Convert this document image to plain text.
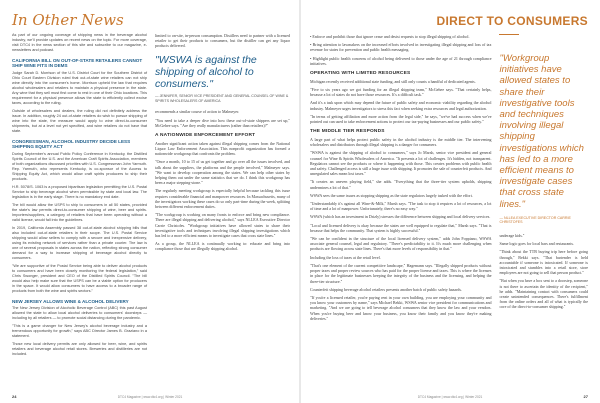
In Other News
As part of our ongoing coverage of shipping news in the beverage alcohol industry, we'll provide updates on recent news on the topic. For more coverage, visit DTC4 in the news section of this site and subscribe to our magazine, e-newsletters and podcast.
CALIFORNIA BILL ON OUT-OF-STATE RETAILERS CANNOT SHIP WINE FITS IN DEMS
Judge Sarah D. Morrison of the U.S. District Court for the Southern District of Ohio Court Eastern Division ruled that out-of-state wine retailers can not ship wine directly into the consumer's home. Morrison upheld the law that requires alcohol wholesalers and retailers to maintain a physical presence in the state. Any wine that they sell must first come to rest in one of their Ohio locations. This requirement for a physical presence allows the state to efficiently collect excise taxes, according to the ruling.
Outside of wholesalers and dealers, the ruling did not definitely address the issue. In addition, roughly 24 out-of-state retailers do wish to pursue shipping of wine into the state, the measure would apply to wine direct-to-consumer shipments, but at a level not yet specified, and wine retailers do not have that state.
CONGRESSMAN, ALCOHOL INDUSTRY DECIDE LESS SHIPPING EQUITY ACT
During September's annual Public Policy Conference in Kentucky, the Distilled Spirits Council of the U.S. and the American Craft Spirits Association, members of both organizations discussed priorities with U.S. Congressman John Yarmuth. Rep. Yarmuth, who represents Kentucky, is co-sponsor of the Access to Shipping Equity Act, which would allow craft spirits producers to ship their products.
H.R. 5078/S. 1063 is a proposed bipartisan legislation permitting the U.S. Postal Service to ship beverage alcohol when permissible by state and local law. The legislation is in the early stage. There is no mandatory end date.
The bill would allow the USPS to ship to consumers in all 50 states, provided the state's law permits direct-to-consumer shipping of wine, beer and spirits. Importers/suppliers, a category of retailers that have been operating without a valid license, would fall into the guidelines.
In 2019, California Assembly passed 38 out-of-state alcohol shipping bills that also included out-of-state retailers in their scope. The U.S. Postal Service shipping would allow sellers to comply with a secure and inexpensive delivery, using its existing network of services rather than a private courier. The law is one of several proposals in states across the nation, reflecting strong consumer demand for a way to increase shipping of beverage alcohol directly to consumers.
"We are supportive of the Postal Service being able to deliver alcohol products to consumers and have been closely monitoring the federal legislation," said Chris Swonger, president and CEO of the Distilled Spirits Council. "The bill would also help make sure that the USPS can be a viable option for producers in the space. It would allow consumers to have access to a broader range of products from both the wine and spirits sectors."
NEW JERSEY ALLOWS WINE & ALCOHOL DELIVERY
The New Jersey Division of Alcoholic Beverage Control (ABC) this past August allowed the state to allow local alcohol deliveries to consumers' doorsteps — including by all retailers — to promote social distancing during the pandemic.
"This is a game changer for New Jersey's alcohol beverage industry and a tremendous opportunity for growth," says ABC Director James B. Graziano in a statement.
Those new local delivery permits are only allowed for beer, wine, and spirits retailers and beverage alcohol retail stores. Breweries and distilleries are not included.
limited to on-site, in-person consumption. Distillers need to partner with a licensed retailer to get their products to consumers, but the distiller can get any liquor products delivered.
"WSWA is against the shipping of alcohol to consumers."
— JENNIFER, SENIOR VICE PRESIDENT AND GENERAL COUNSEL OF WINE & SPIRITS WHOLESALERS OF AMERICA
recommends a similar course of action to Malmeyer.
"You need to take a deeper dive into how these out-of-state shippers are set up," McGehee says. "Are they really manufacturers (rather than retailers)?"
A NATIONWIDE ENFORCEMENT EFFORT
Another significant action taken against illegal shipping comes from the National Liquor Law Enforcement Association. This nonprofit organization has formed a nationwide workgroup that confronts the problem.
"Once a month, 10 to 15 of us get together and go over all the issues involved, and talk about the suppliers, the platforms and the people involved," Malmeyer says. "We want to develop cooperation among the states. We can help other states by helping them out under the same statistics that we do. I think this workgroup has been a major stepping-stone."
The regularly meeting workgroup is especially helpful because tackling this issue requires considerable financial and manpower resources. In Massachusetts, many of the investigators working these cases do so only part-time during the week, splitting between different enforcement duties.
"The workgroup is working on many fronts to enforce and bring new compliance. There are illegal shipping and delivering alcohol," says NLLEA Executive Director Carrie Christofes. "Workgroup initiatives have allowed states to share their investigative tools and techniques involving illegal shipping investigations which has led to a more efficient means to investigate cases that cross state lines."
As a group, the NLLEA is continually working to: educate and bring into compliance those that are illegally shipping alcohol.
24	DTC4 Magazine | www.dtc4.org | Winter 2021
DIRECT TO CONSUMERS
• Enforce and prohibit those that ignore cease and desist requests to stop illegal shipping of alcohol.
• Bring attention to lawmakers on the increased efforts involved in investigating illegal shipping and loss of tax revenue for states for prevention and public health messaging.
• Highlight public health concerns of alcohol being delivered to those under the age of 21 through compliance initiatives.
OPERATING WITH LIMITED RESOURCES
Michigan recently received additional state funding, and still only counts a handful of dedicated agents.
"Five to six years ago we got funding for an illegal shipping team," McGehee says. "That certainly helps, because a lot of states do not have those resources. It's a difficult task."
And it's a task upon which may depend the future of public safety and economic viability regarding the alcohol industry. Malmeyer urges investigators to stress this fact when seeking extra resources and legal authorization.
"In terms of getting affiliation and more action from the legal side," he says, "we've had success when we've pointed out can used to take enforcement actions to protect our tax-paying businesses and our public safety."
THE MIDDLE TIER RESPONDS
A large part of what helps protect public safety in the alcohol industry is the middle tier. The intervening wholesalers and distributors through illegal shipping is a danger for consumers.
"WSWA is against the shipping of alcohol to consumers," says Jo Marsh, senior vice president and general counsel for Wine & Spirits Wholesalers of America. "It presents a lot of challenges. It's hidden, not transparent. Regulators cannot see the products or where it happening with those. This creates problems with public health and safety. Challenged access is still a huge issue with shipping. It promotes the sale of counterfeit products. And unregulated sales mean lost taxes."
"It creates an uneven playing field," she adds. "Everything that the three-tier system upholds, shipping undermines a lot of that."
WSWA sees the same issues as stopping shipping as the state regulators largely tasked with the effort.
"Understandably it's against all Wine-&-Milk," Marsh says. "The task to stop it requires a lot of resources, a lot of time and a lot of manpower. Unfortunately, there's no easy way."
WSWA (which has an investment in Drizly) stresses the difference between shipping and local delivery services.
"Local and licensed delivery is okay because the states are well equipped to regulate that," Marsh says. "That is because that helps the community. That system is highly successful."
"We can be confident in the structure of the local licensed delivery system," adds John Foppiano, WSWA associate general counsel, legal and regulatory. "There's predictability to it. It's much more challenging when products are flowing across state lines. There's that more levels of responsibility in that."
Including the loss of taxes at the retail level.
"That's one element of the current competitive landscape," Hagemann says. "Illegally shipped products without proper taxes and proper review sources who has paid for the proper license and taxes. This is where the licenses in place for the legitimate businesses keeping the integrity of the business and the licensing, and helping the three-tier structure."
Counterfeit shipping beverage alcohol retailers presents another batch of public safety hazards.
"If you're a licensed retailer, you're paying rent in your own building, you are employing your community and you know your customers by name," says Michael Bekki, WSWA senior vice president for communications and marketing. "And we are going to tell beverage alcohol consumers that they know the law and your vendors. When you're buying beer and know your business, you know their family and you know they're making deliveries."
"Workgroup initiatives have allowed states to share their investigative tools and techniques involving illegal shipping investigations which has led to a more efficient means to investigate cases that cross state lines."
— NLLEA EXECUTIVE DIRECTOR CARRIE CHRISTOFES
underage kids."
Same logic goes for local bars and restaurants.
"Think about the TTB buying trip here before going through," Bekki says. "That bartender is held accountable if someone is intoxicated. If someone is intoxicated and stumbles into a retail store, store employees are not going to sell that person product."
"But when you have a box sent to a doorstep, someone is not there to ascertain the identity of the recipient," he adds. "Maintaining contact with consumers could create unintended consequences. There's fulfillment from the online orders and all of what is typically the core of the direct-to-consumer shipping."
27
DTC4 Magazine | www.dtc4.org | Winter 2021
